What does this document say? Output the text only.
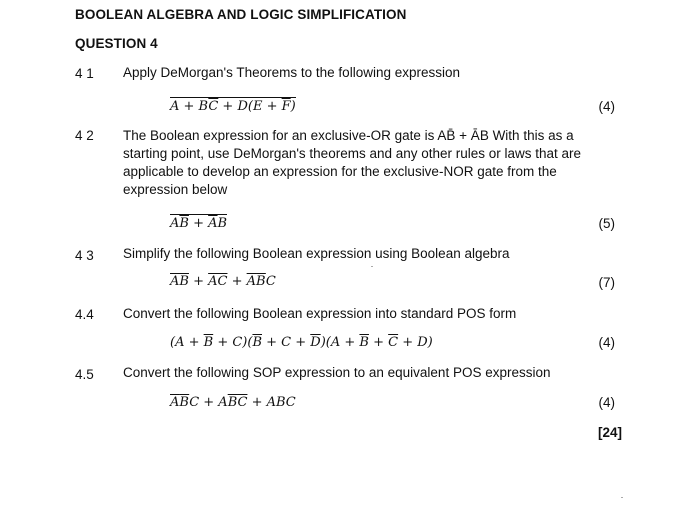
BOOLEAN ALGEBRA AND LOGIC SIMPLIFICATION
QUESTION 4
4 1 Apply DeMorgan's Theorems to the following expression
$A + B\overline{C} + D(E + \overline{F})$	(4)
4 2 The Boolean expression for an exclusive-OR gate is AB̄ + ĀB With this as a
starting point, use DeMorgan's theorems and any other rules or laws that are
applicable to develop an expression for the exclusive-NOR gate from the
expression below
$A\overline{B} + \overline{A}B$	(5)
4 3 Simplify the following Boolean expression using Boolean algebra
$\overline{AB} + \overline{AC} + \overline{A}\overline{B}C$	(7)
4.4 Convert the following Boolean expression into standard POS form
$(A + \overline{B} + C)(\overline{B} + C + \overline{D})(A + \overline{B} + \overline{C} + D)$	(4)
4.5 Convert the following SOP expression to an equivalent POS expression
$\overline{A}\overline{B}C + A\overline{B}\overline{C}$ + ABC	(4)
[24]
